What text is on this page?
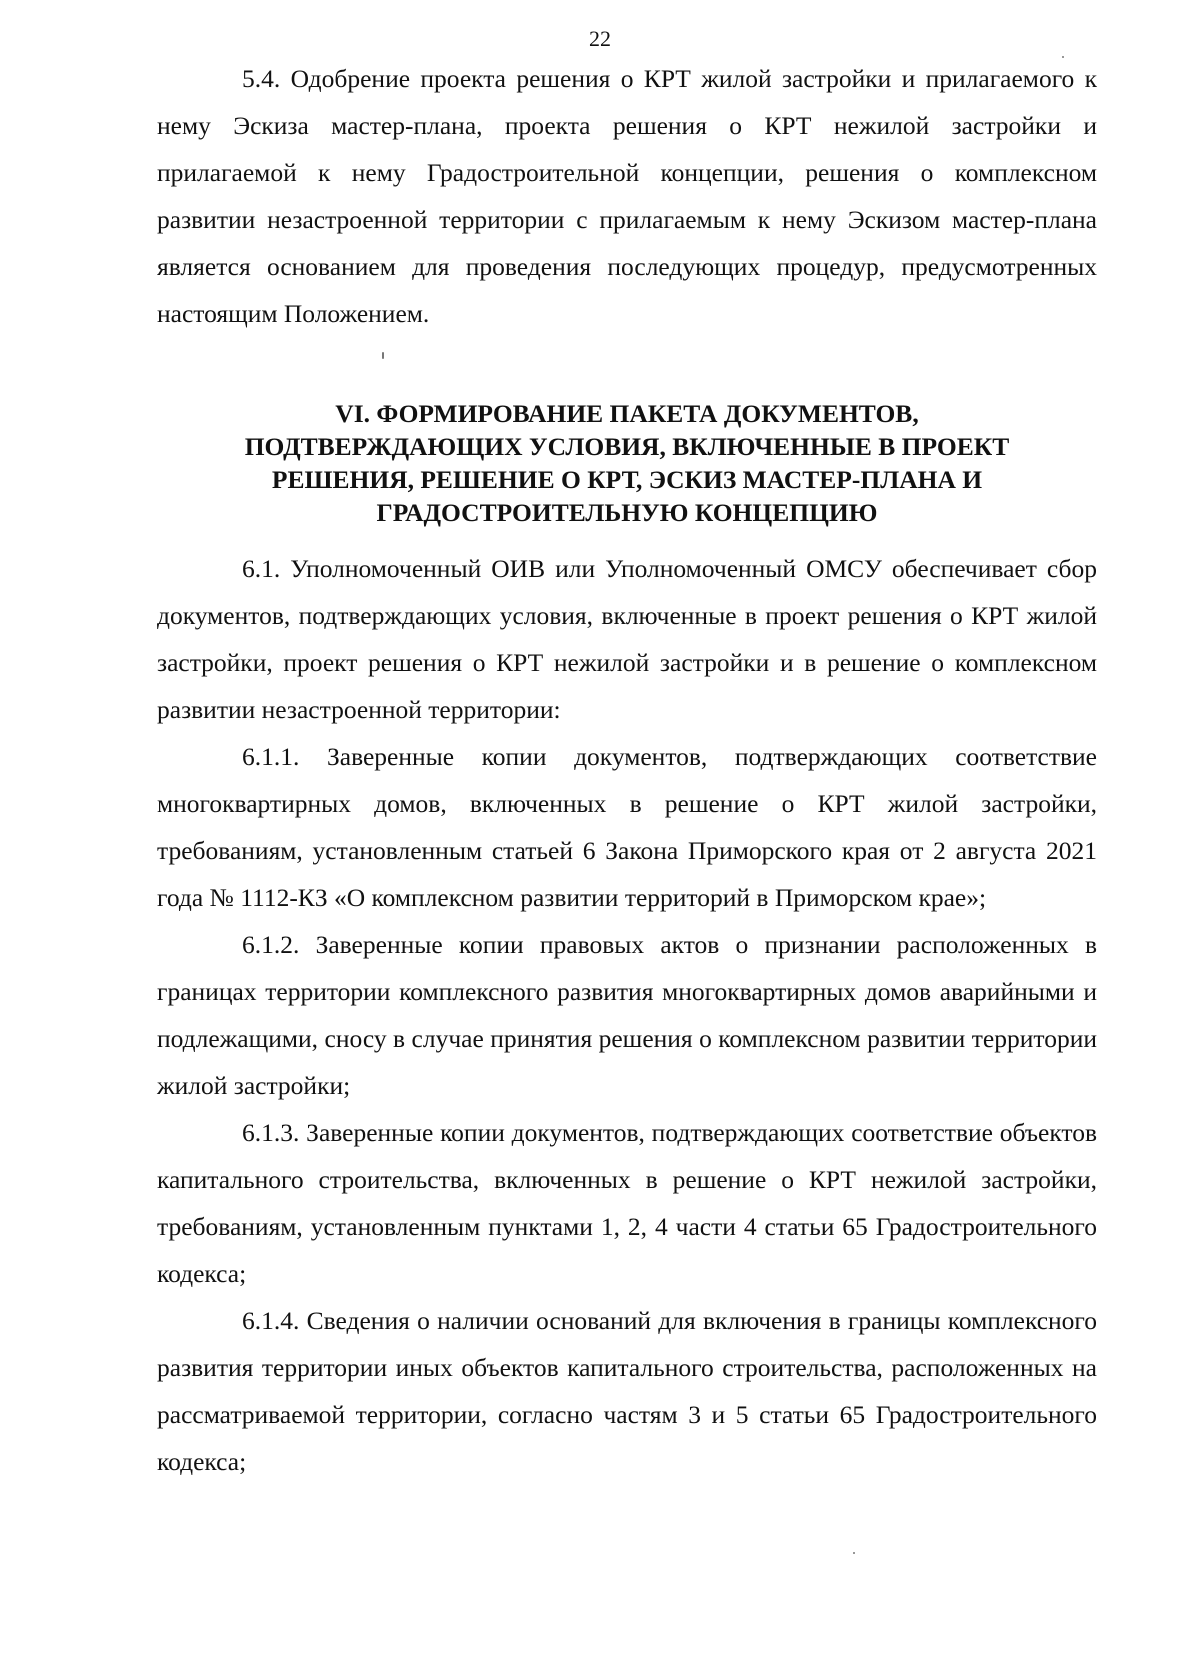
22

5.4. Одобрение проекта решения о КРТ жилой застройки и прилагаемого к нему Эскиза мастер-плана, проекта решения о КРТ нежилой застройки и прилагаемой к нему Градостроительной концепции, решения о комплексном развитии незастроенной территории с прилагаемым к нему Эскизом мастер-плана является основанием для проведения последующих процедур, предусмотренных настоящим Положением.

VI. ФОРМИРОВАНИЕ ПАКЕТА ДОКУМЕНТОВ,
ПОДТВЕРЖДАЮЩИХ УСЛОВИЯ, ВКЛЮЧЕННЫЕ В ПРОЕКТ
РЕШЕНИЯ, РЕШЕНИЕ О КРТ, ЭСКИЗ МАСТЕР-ПЛАНА И
ГРАДОСТРОИТЕЛЬНУЮ КОНЦЕПЦИЮ

6.1. Уполномоченный ОИВ или Уполномоченный ОМСУ обеспечивает сбор документов, подтверждающих условия, включенные в проект решения о КРТ жилой застройки, проект решения о КРТ нежилой застройки и в решение о комплексном развитии незастроенной территории:

6.1.1. Заверенные копии документов, подтверждающих соответствие многоквартирных домов, включенных в решение о КРТ жилой застройки, требованиям, установленным статьей 6 Закона Приморского края от 2 августа 2021 года № 1112-КЗ «О комплексном развитии территорий в Приморском крае»;

6.1.2. Заверенные копии правовых актов о признании расположенных в границах территории комплексного развития многоквартирных домов аварийными и подлежащими, сносу в случае принятия решения о комплексном развитии территории жилой застройки;

6.1.3. Заверенные копии документов, подтверждающих соответствие объектов капитального строительства, включенных в решение о КРТ нежилой застройки, требованиям, установленным пунктами 1, 2, 4 части 4 статьи 65 Градостроительного кодекса;

6.1.4. Сведения о наличии оснований для включения в границы комплексного развития территории иных объектов капитального строительства, расположенных на рассматриваемой территории, согласно частям 3 и 5 статьи 65 Градостроительного кодекса;
